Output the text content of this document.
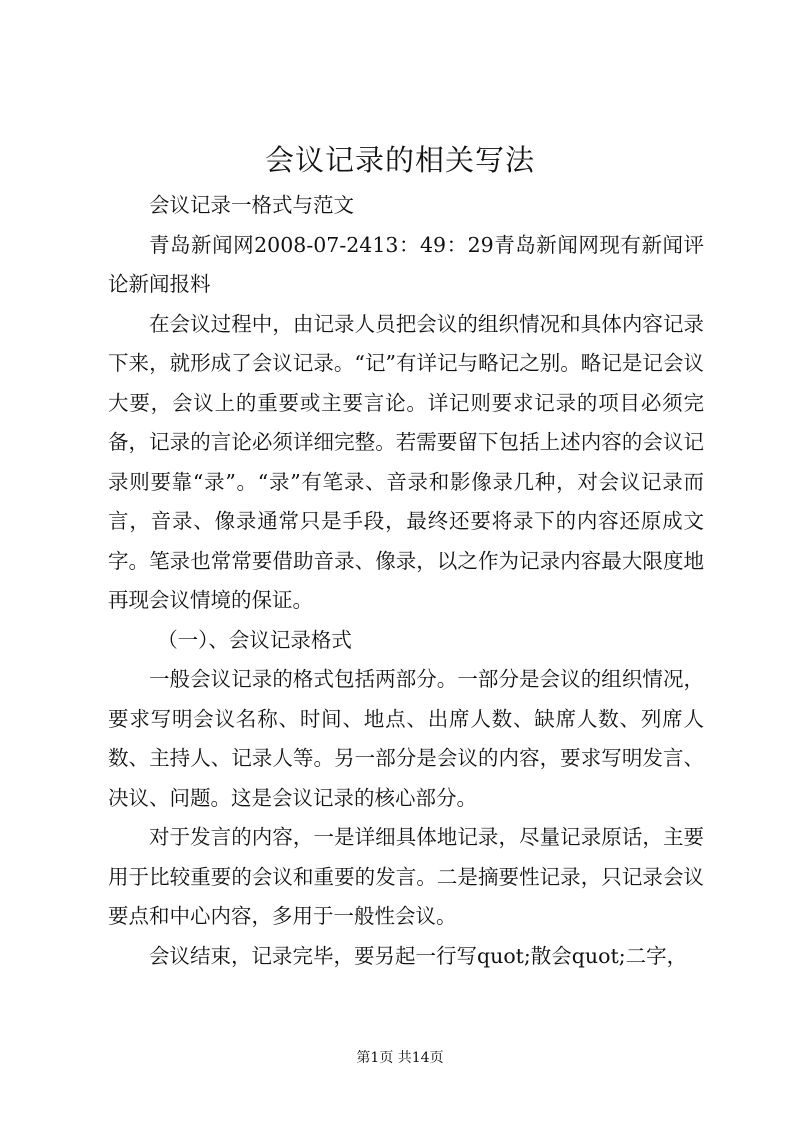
会议记录的相关写法

会议记录一格式与范文

青岛新闻网2008-07-2413：49：29青岛新闻网现有新闻评论新闻报料

在会议过程中，由记录人员把会议的组织情况和具体内容记录下来，就形成了会议记录。“记”有详记与略记之别。略记是记会议大要，会议上的重要或主要言论。详记则要求记录的项目必须完备，记录的言论必须详细完整。若需要留下包括上述内容的会议记录则要靠“录”。“录”有笔录、音录和影像录几种，对会议记录而言，音录、像录通常只是手段，最终还要将录下的内容还原成文字。笔录也常常要借助音录、像录，以之作为记录内容最大限度地再现会议情境的保证。

（一）、会议记录格式

一般会议记录的格式包括两部分。一部分是会议的组织情况，要求写明会议名称、时间、地点、出席人数、缺席人数、列席人数、主持人、记录人等。另一部分是会议的内容，要求写明发言、决议、问题。这是会议记录的核心部分。

对于发言的内容，一是详细具体地记录，尽量记录原话，主要用于比较重要的会议和重要的发言。二是摘要性记录，只记录会议要点和中心内容，多用于一般性会议。

会议结束，记录完毕，要另起一行写quot;散会quot;二字，

第1页 共14页
